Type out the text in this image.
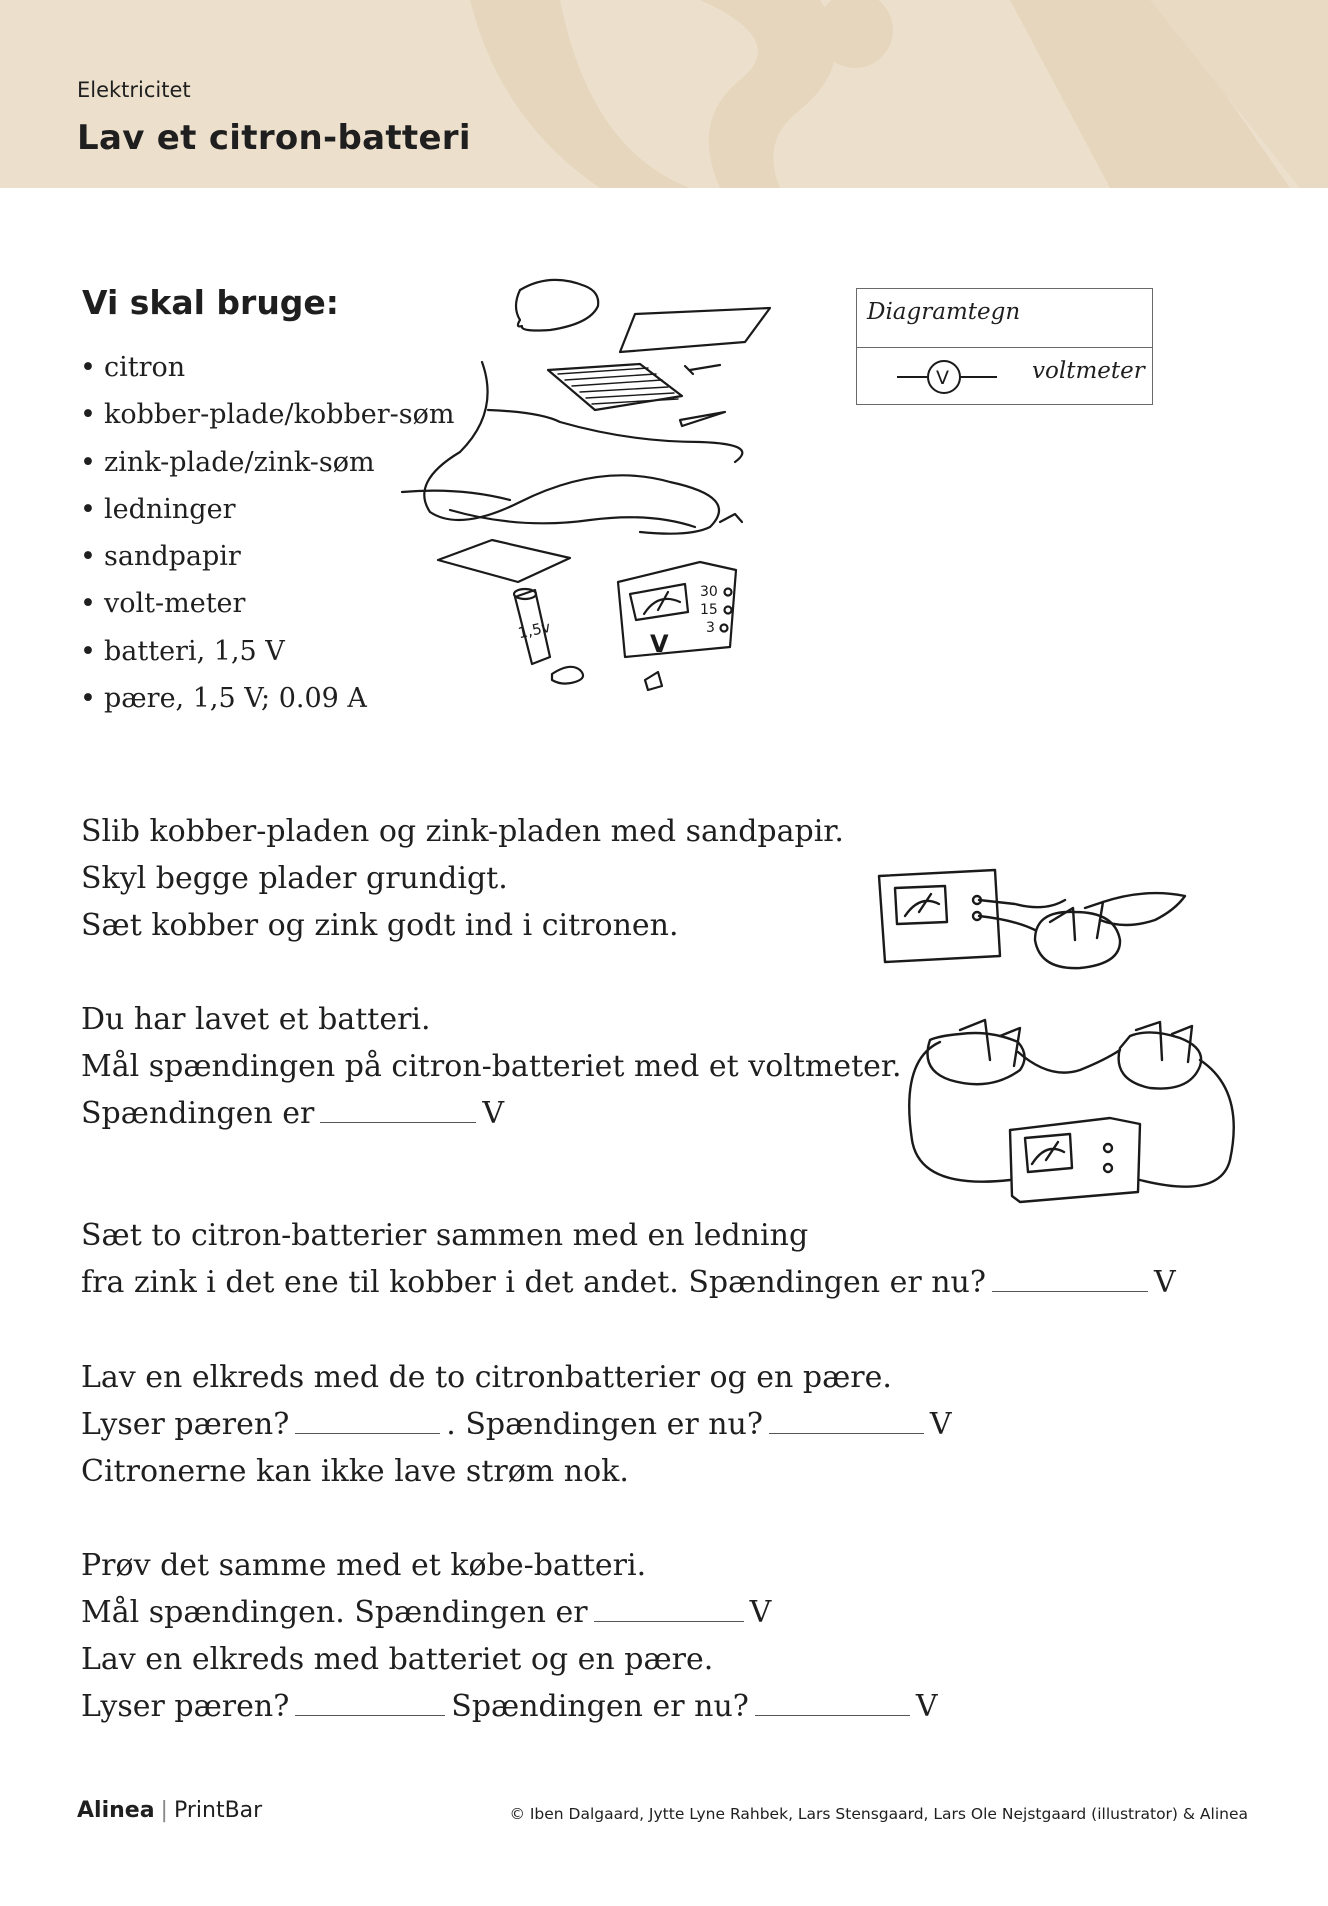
Elektricitet
Lav et citron-batteri
Vi skal bruge:
• citron
• kobber-plade/kobber-søm
• zink-plade/zink-søm
• ledninger
• sandpapir
• volt-meter
• batteri, 1,5 V
• pære, 1,5 V; 0.09 A
1,5v	V
30
15
3
Diagramtegn
V	voltmeter
Slib kobber-pladen og zink-pladen med sandpapir.
Skyl begge plader grundigt.
Sæt kobber og zink godt ind i citronen.
Du har lavet et batteri.
Mål spændingen på citron-batteriet med et voltmeter.
Spændingen er	V
Sæt to citron-batterier sammen med en ledning
fra zink i det ene til kobber i det andet. Spændingen er nu?	V
Lav en elkreds med de to citronbatterier og en pære.
Lyser pæren?	. Spændingen er nu?	V
Citronerne kan ikke lave strøm nok.
Prøv det samme med et købe-batteri.
Mål spændingen. Spændingen er	V
Lav en elkreds med batteriet og en pære.
Lyser pæren?	Spændingen er nu?	V
Alinea | PrintBar	© Iben Dalgaard, Jytte Lyne Rahbek, Lars Stensgaard, Lars Ole Nejstgaard (illustrator) & Alinea
